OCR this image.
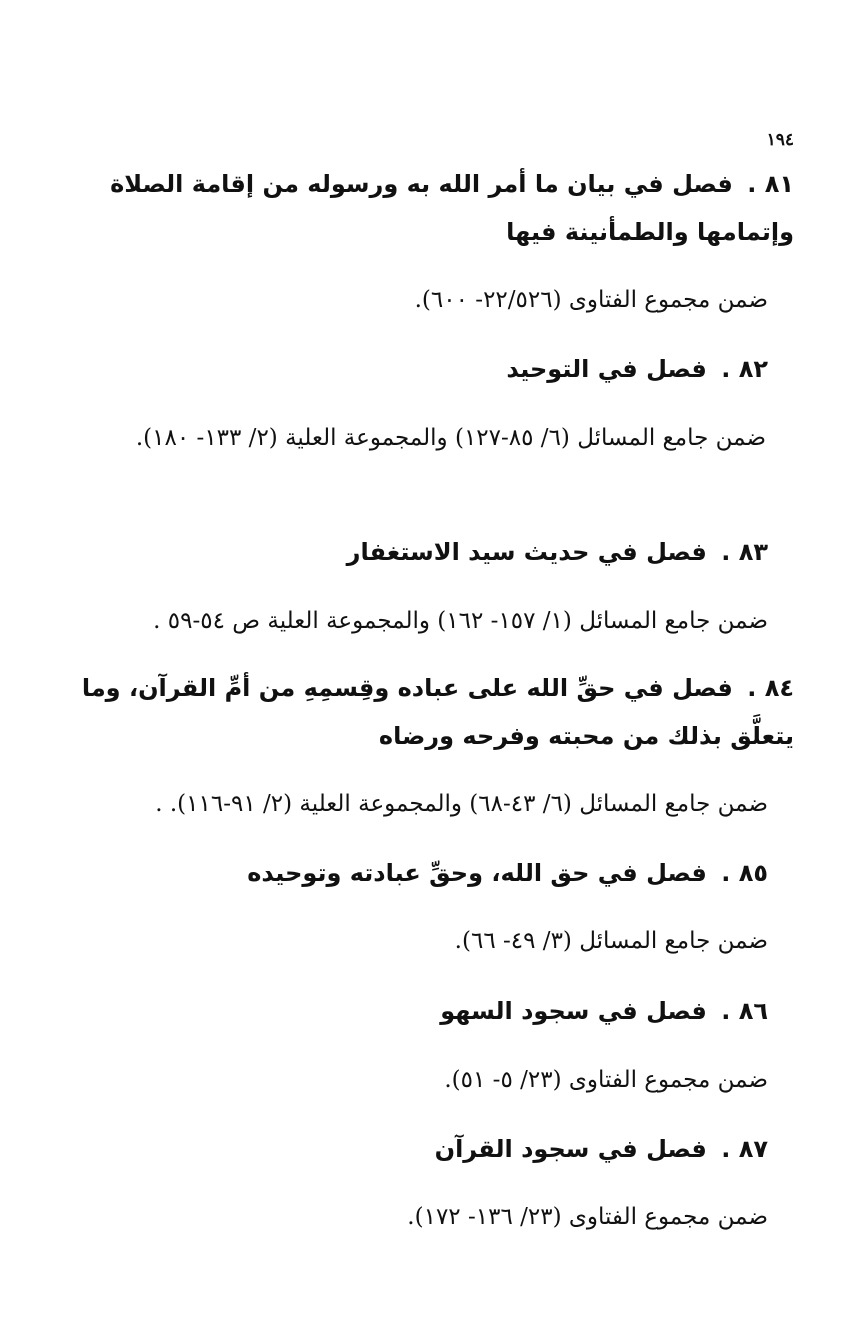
١٩٤
٨١ . فصل في بيان ما أمر الله به ورسوله من إقامة الصلاة وإتمامها والطمأنينة فيها
ضمن مجموع الفتاوى (٢٢/٥٢٦- ٦٠٠).
٨٢ . فصل في التوحيد
ضمن جامع المسائل (٦/ ٨٥-١٢٧) والمجموعة العلية (٢/ ١٣٣- ١٨٠).
٨٣ . فصل في حديث سيد الاستغفار
ضمن جامع المسائل (١/ ١٥٧- ١٦٢) والمجموعة العلية ص ٥٤-٥٩ .
٨٤ . فصل في حقِّ الله على عباده وقِسمِهِ من أمِّ القرآن، وما يتعلَّق بذلك من محبته وفرحه ورضاه
ضمن جامع المسائل (٦/ ٤٣-٦٨) والمجموعة العلية (٢/ ٩١-١١٦). .
٨٥ . فصل في حق الله، وحقِّ عبادته وتوحيده
ضمن جامع المسائل (٣/ ٤٩- ٦٦).
٨٦ . فصل في سجود السهو
ضمن مجموع الفتاوى (٢٣/ ٥- ٥١).
٨٧ . فصل في سجود القرآن
ضمن مجموع الفتاوى (٢٣/ ١٣٦- ١٧٢).
